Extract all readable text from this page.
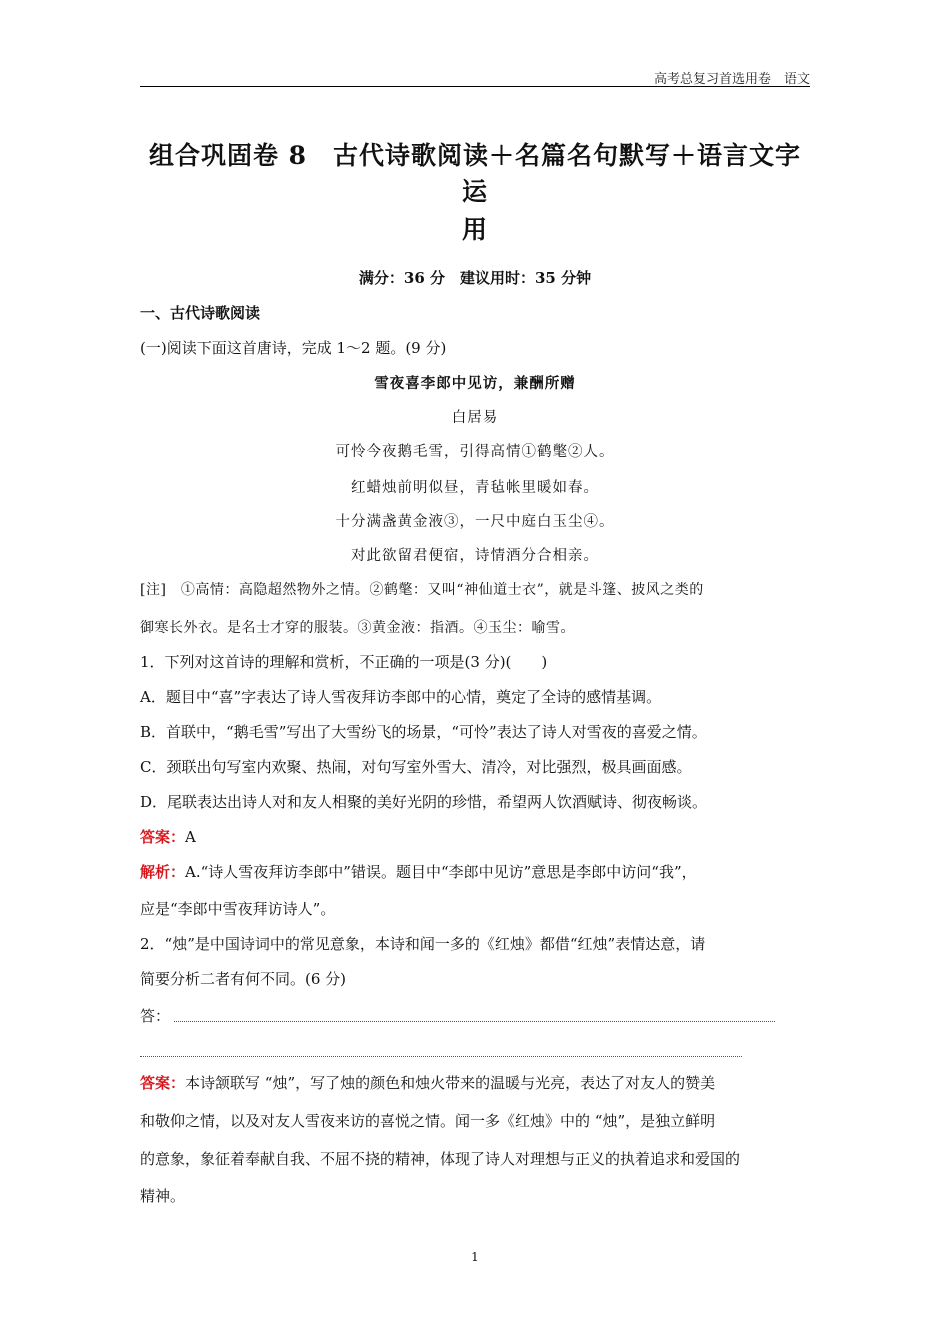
高考总复习首选用卷　语文
组合巩固卷 8　古代诗歌阅读＋名篇名句默写＋语言文字运
用
满分：36 分　建议用时：35 分钟
一、古代诗歌阅读
(一)阅读下面这首唐诗，完成 1～2 题。(9 分)
雪夜喜李郎中见访，兼酬所赠
白居易
可怜今夜鹅毛雪，引得高情①鹤氅②人。
红蜡烛前明似昼，青毡帐里暖如春。
十分满盏黄金液③，一尺中庭白玉尘④。
对此欲留君便宿，诗情酒分合相亲。
[注]　①高情：高隐超然物外之情。②鹤氅：又叫“神仙道士衣”，就是斗篷、披风之类的
御寒长外衣。是名士才穿的服装。③黄金液：指酒。④玉尘：喻雪。
1．下列对这首诗的理解和赏析，不正确的一项是(3 分)(　　)
A．题目中“喜”字表达了诗人雪夜拜访李郎中的心情，奠定了全诗的感情基调。
B．首联中，“鹅毛雪”写出了大雪纷飞的场景，“可怜”表达了诗人对雪夜的喜爱之情。
C．颈联出句写室内欢聚、热闹，对句写室外雪大、清冷，对比强烈，极具画面感。
D．尾联表达出诗人对和友人相聚的美好光阴的珍惜，希望两人饮酒赋诗、彻夜畅谈。
答案：A
解析：A.“诗人雪夜拜访李郎中”错误。题目中“李郎中见访”意思是李郎中访问“我”，
应是“李郎中雪夜拜访诗人”。
2．“烛”是中国诗词中的常见意象，本诗和闻一多的《红烛》都借“红烛”表情达意，请
简要分析二者有何不同。(6 分)
答：
答案：本诗颔联写 “烛”，写了烛的颜色和烛火带来的温暖与光亮，表达了对友人的赞美
和敬仰之情，以及对友人雪夜来访的喜悦之情。闻一多《红烛》中的 “烛”，是独立鲜明
的意象，象征着奉献自我、不屈不挠的精神，体现了诗人对理想与正义的执着追求和爱国的
精神。
1
